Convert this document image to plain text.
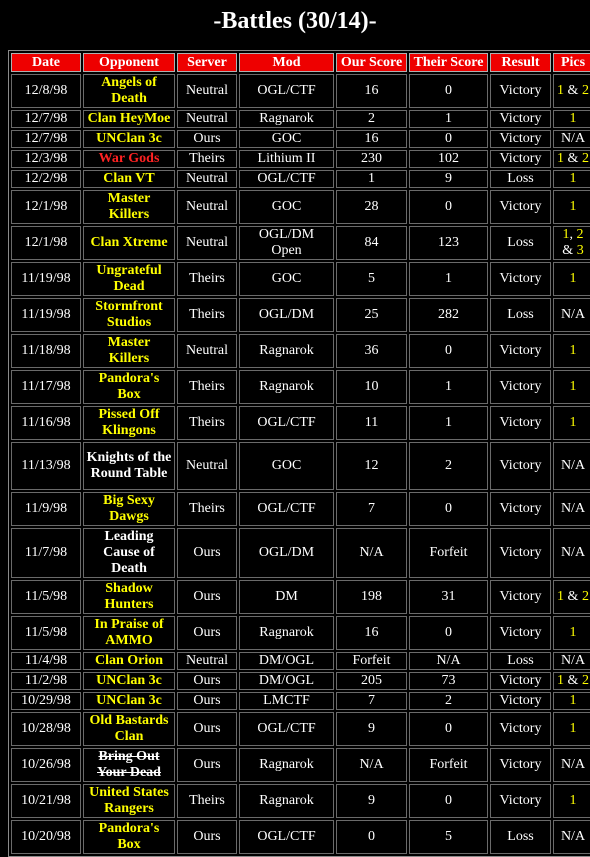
-Battles (30/14)-
Date	Opponent	Server	Mod	Our Score	Their Score	Result	Pics
12/8/98	Angels of Death	Neutral	OGL/CTF	16	0	Victory	1 & 2
12/7/98	Clan HeyMoe	Neutral	Ragnarok	2	1	Victory	1
12/7/98	UNClan 3c	Ours	GOC	16	0	Victory	N/A
12/3/98	War Gods	Theirs	Lithium II	230	102	Victory	1 & 2
12/2/98	Clan VT	Neutral	OGL/CTF	1	9	Loss	1
12/1/98	Master Killers	Neutral	GOC	28	0	Victory	1
12/1/98	Clan Xtreme	Neutral	OGL/DM Open	84	123	Loss	1, 2 & 3
11/19/98	Ungrateful Dead	Theirs	GOC	5	1	Victory	1
11/19/98	Stormfront Studios	Theirs	OGL/DM	25	282	Loss	N/A
11/18/98	Master Killers	Neutral	Ragnarok	36	0	Victory	1
11/17/98	Pandora's Box	Theirs	Ragnarok	10	1	Victory	1
11/16/98	Pissed Off Klingons	Theirs	OGL/CTF	11	1	Victory	1
11/13/98	Knights of the Round Table	Neutral	GOC	12	2	Victory	N/A
11/9/98	Big Sexy Dawgs	Theirs	OGL/CTF	7	0	Victory	N/A
11/7/98	Leading Cause of Death	Ours	OGL/DM	N/A	Forfeit	Victory	N/A
11/5/98	Shadow Hunters	Ours	DM	198	31	Victory	1 & 2
11/5/98	In Praise of AMMO	Ours	Ragnarok	16	0	Victory	1
11/4/98	Clan Orion	Neutral	DM/OGL	Forfeit	N/A	Loss	N/A
11/2/98	UNClan 3c	Ours	DM/OGL	205	73	Victory	1 & 2
10/29/98	UNClan 3c	Ours	LMCTF	7	2	Victory	1
10/28/98	Old Bastards Clan	Ours	OGL/CTF	9	0	Victory	1
10/26/98	Bring Out Your Dead	Ours	Ragnarok	N/A	Forfeit	Victory	N/A
10/21/98	United States Rangers	Theirs	Ragnarok	9	0	Victory	1
10/20/98	Pandora's Box	Ours	OGL/CTF	0	5	Loss	N/A
